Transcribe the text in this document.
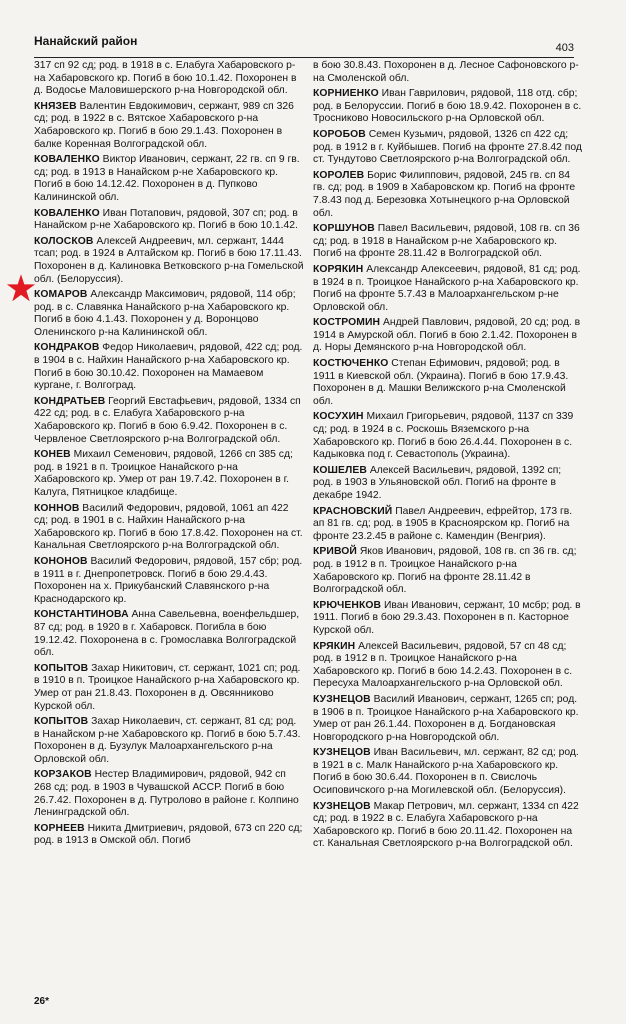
Нанайский район	403

317 сп 92 сд; род. в 1918 в с. Елабуга Хабаровского р-на Хабаровского кр. Погиб в бою 10.1.42. Похоронен в д. Водосье Маловишерского р-на Новгородской обл.

КНЯЗЕВ Валентин Евдокимович, сержант, 989 сп 326 сд; род. в 1922 в с. Вятское Хабаровского р-на Хабаровского кр. Погиб в бою 29.1.43. Похоронен в балке Коренная Волгоградской обл.

КОВАЛЕНКО Виктор Иванович, сержант, 22 гв. сп 9 гв. сд; род. в 1913 в Нанайском р-не Хабаровского кр. Погиб в бою 14.12.42. Похоронен в д. Пупково Калининской обл.

КОВАЛЕНКО Иван Потапович, рядовой, 307 сп; род. в Нанайском р-не Хабаровского кр. Погиб в бою 10.1.42.

КОЛОСКОВ Алексей Андреевич, мл. сержант, 1444 тсап; род. в 1924 в Алтайском кр. Погиб в бою 17.11.43. Похоронен в д. Калиновка Ветковского р-на Гомельской обл. (Белоруссия).

КОМАРОВ Александр Максимович, рядовой, 114 обр; род. в с. Славянка Нанайского р-на Хабаровского кр. Погиб в бою 4.1.43. Похоронен у д. Воронцово Оленинского р-на Калининской обл.

КОНДРАКОВ Федор Николаевич, рядовой, 422 сд; род. в 1904 в с. Найхин Нанайского р-на Хабаровского кр. Погиб в бою 30.10.42. Похоронен на Мамаевом кургане, г. Волгоград.

КОНДРАТЬЕВ Георгий Евстафьевич, рядовой, 1334 сп 422 сд; род. в с. Елабуга Хабаровского р-на Хабаровского кр. Погиб в бою 6.9.42. Похоронен в с. Червленое Светлоярского р-на Волгоградской обл.

КОНЕВ Михаил Семенович, рядовой, 1266 сп 385 сд; род. в 1921 в п. Троицкое Нанайского р-на Хабаровского кр. Умер от ран 19.7.42. Похоронен в г. Калуга, Пятницкое кладбище.

КОННОВ Василий Федорович, рядовой, 1061 ап 422 сд; род. в 1901 в с. Найхин Нанайского р-на Хабаровского кр. Погиб в бою 17.8.42. Похоронен на ст. Канальная Светлоярского р-на Волгоградской обл.

КОНОНОВ Василий Федорович, рядовой, 157 сбр; род. в 1911 в г. Днепропетровск. Погиб в бою 29.4.43. Похоронен на х. Прикубанский Славянского р-на Краснодарского кр.

КОНСТАНТИНОВА Анна Савельевна, военфельдшер, 87 сд; род. в 1920 в г. Хабаровск. Погибла в бою 19.12.42. Похоронена в с. Громославка Волгоградской обл.

КОПЫТОВ Захар Никитович, ст. сержант, 1021 сп; род. в 1910 в п. Троицкое Нанайского р-на Хабаровского кр. Умер от ран 21.8.43. Похоронен в д. Овсянниково Курской обл.

КОПЫТОВ Захар Николаевич, ст. сержант, 81 сд; род. в Нанайском р-не Хабаровского кр. Погиб в бою 5.7.43. Похоронен в д. Бузулук Малоархангельского р-на Орловской обл.

КОРЗАКОВ Нестер Владимирович, рядовой, 942 сп 268 сд; род. в 1903 в Чувашской АССР. Погиб в бою 26.7.42. Похоронен в д. Путролово в районе г. Колпино Ленинградской обл.

КОРНЕЕВ Никита Дмитриевич, рядовой, 673 сп 220 сд; род. в 1913 в Омской обл. Погиб

в бою 30.8.43. Похоронен в д. Лесное Сафоновского р-на Смоленской обл.

КОРНИЕНКО Иван Гаврилович, рядовой, 118 отд. сбр; род. в Белоруссии. Погиб в бою 18.9.42. Похоронен в с. Тросниково Новосильского р-на Орловской обл.

КОРОБОВ Семен Кузьмич, рядовой, 1326 сп 422 сд; род. в 1912 в г. Куйбышев. Погиб на фронте 27.8.42 под ст. Тундутово Светлоярского р-на Волгоградской обл.

КОРОЛЕВ Борис Филиппович, рядовой, 245 гв. сп 84 гв. сд; род. в 1909 в Хабаровском кр. Погиб на фронте 7.8.43 под д. Березовка Хотынецкого р-на Орловской обл.

КОРШУНОВ Павел Васильевич, рядовой, 108 гв. сп 36 сд; род. в 1918 в Нанайском р-не Хабаровского кр. Погиб на фронте 28.11.42 в Волгоградской обл.

КОРЯКИН Александр Алексеевич, рядовой, 81 сд; род. в 1924 в п. Троицкое Нанайского р-на Хабаровского кр. Погиб на фронте 5.7.43 в Малоархангельском р-не Орловской обл.

КОСТРОМИН Андрей Павлович, рядовой, 20 сд; род. в 1914 в Амурской обл. Погиб в бою 2.1.42. Похоронен в д. Норы Демянского р-на Новгородской обл.

КОСТЮЧЕНКО Степан Ефимович, рядовой; род. в 1911 в Киевской обл. (Украина). Погиб в бою 17.9.43. Похоронен в д. Машки Велижского р-на Смоленской обл.

КОСУХИН Михаил Григорьевич, рядовой, 1137 сп 339 сд; род. в 1924 в с. Роскошь Вяземского р-на Хабаровского кр. Погиб в бою 26.4.44. Похоронен в с. Кадыковка под г. Севастополь (Украина).

КОШЕЛЕВ Алексей Васильевич, рядовой, 1392 сп; род. в 1903 в Ульяновской обл. Погиб на фронте в декабре 1942.

КРАСНОВСКИЙ Павел Андреевич, ефрейтор, 173 гв. ап 81 гв. сд; род. в 1905 в Красноярском кр. Погиб на фронте 23.2.45 в районе с. Камендин (Венгрия).

КРИВОЙ Яков Иванович, рядовой, 108 гв. сп 36 гв. сд; род. в 1912 в п. Троицкое Нанайского р-на Хабаровского кр. Погиб на фронте 28.11.42 в Волгоградской обл.

КРЮЧЕНКОВ Иван Иванович, сержант, 10 мсбр; род. в 1911. Погиб в бою 29.3.43. Похоронен в п. Касторное Курской обл.

КРЯКИН Алексей Васильевич, рядовой, 57 сп 48 сд; род. в 1912 в п. Троицкое Нанайского р-на Хабаровского кр. Погиб в бою 14.2.43. Похоронен в с. Пересуха Малоархангельского р-на Орловской обл.

КУЗНЕЦОВ Василий Иванович, сержант, 1265 сп; род. в 1906 в п. Троицкое Нанайского р-на Хабаровского кр. Умер от ран 26.1.44. Похоронен в д. Богдановская Новгородского р-на Новгородской обл.

КУЗНЕЦОВ Иван Васильевич, мл. сержант, 82 сд; род. в 1921 в с. Малк Нанайского р-на Хабаровского кр. Погиб в бою 30.6.44. Похоронен в п. Свислочь Осиповичского р-на Могилевской обл. (Белоруссия).

КУЗНЕЦОВ Макар Петрович, мл. сержант, 1334 сп 422 сд; род. в 1922 в с. Елабуга Хабаровского р-на Хабаровского кр. Погиб в бою 20.11.42. Похоронен на ст. Канальная Светлоярского р-на Волгоградской обл.

26*
